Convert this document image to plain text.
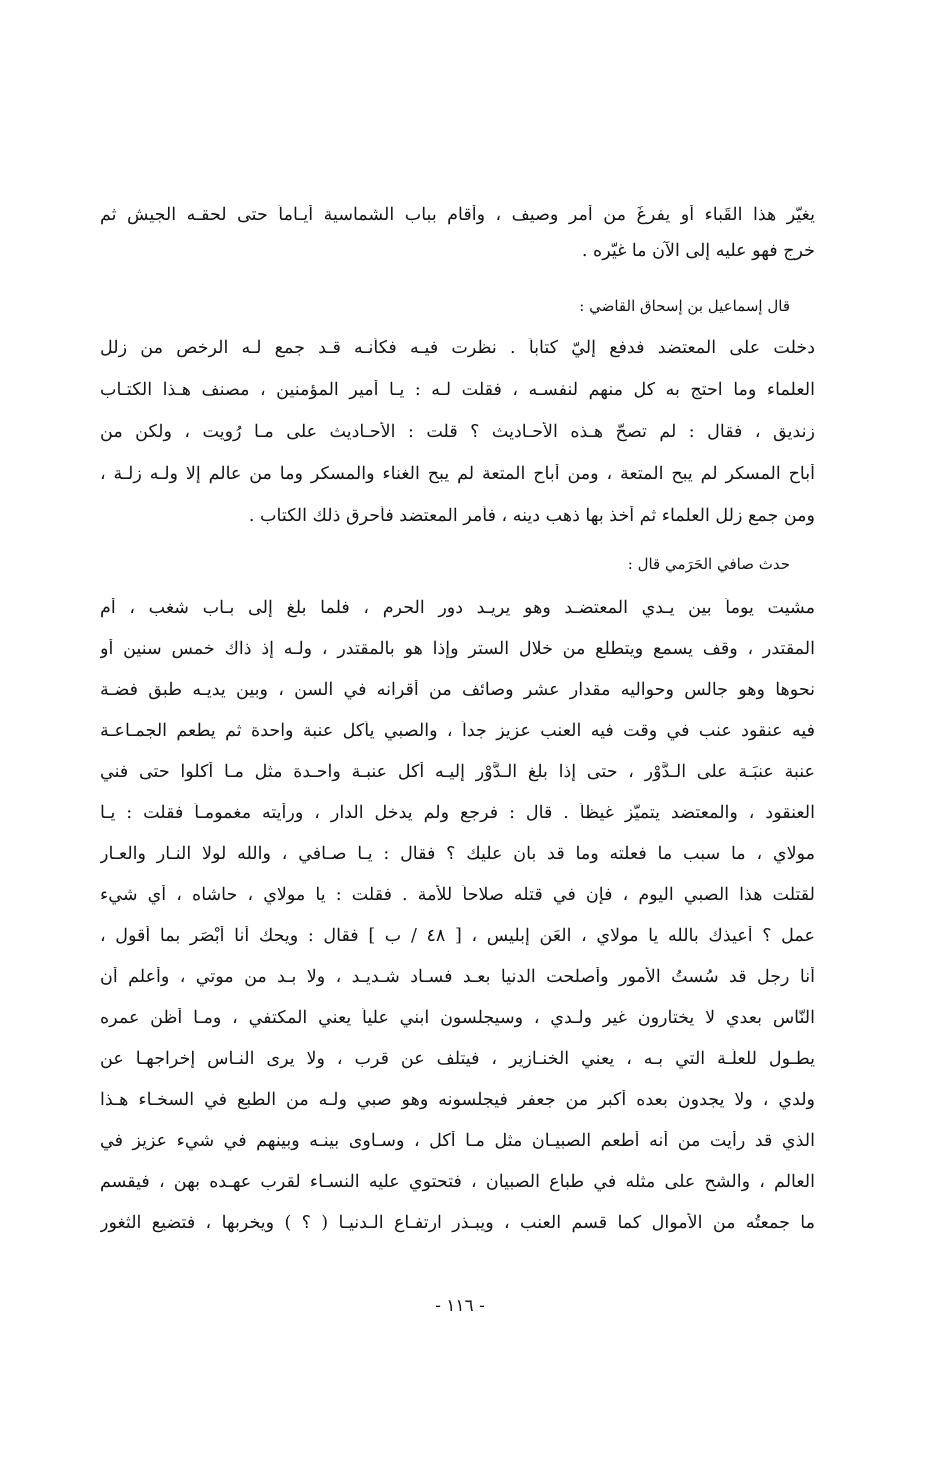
يغيّر هذا القَباء أو يفرغَ من أمر وصيف ، وأقام بباب الشماسية أيـاماً حتى لحقـه الجيش ثم
خرج فهو عليه إلى الآن ما غيّره .
قال إسماعيل بن إسحاق القاضي :
دخلت على المعتضد فدفع إليّ كتاباً . نظرت فيـه فكأنـه قـد جمع لـه الرخص من زلل
العلماء وما احتج به كل منهم لنفسـه ، فقلت لـه : يـا أمير المؤمنين ، مصنف هـذا الكتـاب
زنديق ، فقال : لم تصحّ هـذه الأحـاديث ؟ قلت : الأحـاديث على مـا رُويت ، ولكن من
أباح المسكر لم يبح المتعة ، ومن أباح المتعة لم يبح الغناء والمسكر وما من عالم إلا ولـه زلـة ،
ومن جمع زلل العلماء ثم أخذ بها ذهب دينه ، فأمر المعتضد فأحرق ذلك الكتاب .
حدث صافي الحَرَمي قال :
مشيت يوماً بين يـدي المعتضـد وهو يريـد دور الحرم ، فلما بلغ إلى بـاب شغب ، أم
المقتدر ، وقف يسمع ويتطلع من خلال الستر وإذا هو بالمقتدر ، ولـه إذ ذاك خمس سنين أو
نحوها وهو جالس وحواليه مقدار عشر وصائف من أقرانه في السن ، وبين يديـه طبق فضـة
فيه عنقود عنب في وقت فيه العنب عزيز جداً ، والصبي يأكل عنبة واحدة ثم يطعم الجمـاعـة
عنبة عنبَـة على الـدَّوْر ، حتى إذا بلغ الـدَّوْر إليـه أكل عنبـة واحـدة مثل مـا أكلوا حتى فني
العنقود ، والمعتضد يتميّز غيظاً . قال : فرجع ولم يدخل الدار ، ورأيته مغمومـاً فقلت : يـا
مولاي ، ما سبب ما فعلته وما قد بان عليك ؟ فقال : يـا صـافي ، والله لولا النـار والعـار
لقتلت هذا الصبي اليوم ، فإن في قتله صلاحاً للأمة . فقلت : يا مولاي ، حاشاه ، أي شيء
عمل ؟ أعيذك بالله يا مولاي ، العَن إبليس ، [ ٤٨ / ب ] فقال : ويحك أنا أبْصَر بما أقول ،
أنا رجل قد سُستُ الأمور وأصلحت الدنيا بعـد فسـاد شـديـد ، ولا بـد من موتي ، وأعلم أن
النّاس بعدي لا يختارون غير ولـدي ، وسيجلسون ابني علياً يعني المكتفي ، ومـا أظن عمره
يطـول للعلّـة التي بـه ، يعني الخنـازير ، فيتلف عن قرب ، ولا يرى النـاس إخراجهـا عن
ولدي ، ولا يجدون بعده أكبر من جعفر فيجلسونه وهو صبي ولـه من الطبع في السخـاء هـذا
الذي قد رأيت من أنه أطعم الصبيـان مثل مـا أكل ، وسـاوى بينـه وبينهم في شيء عزيز في
العالم ، والشح على مثله في طباع الصبيان ، فتحتوي عليه النسـاء لقرب عهـده بهن ، فيقسم
ما جمعتُه من الأموال كما قسم العنب ، ويبـذر ارتفـاع الـدنيـا ( ؟ ) ويخربها ، فتضيع الثغور
- ١١٦ -
